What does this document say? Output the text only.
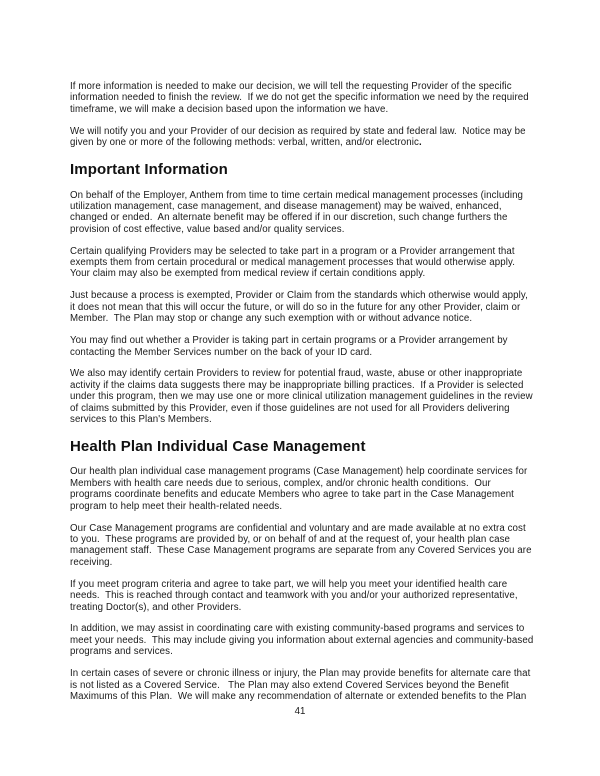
If more information is needed to make our decision, we will tell the requesting Provider of the specific information needed to finish the review.  If we do not get the specific information we need by the required timeframe, we will make a decision based upon the information we have.

We will notify you and your Provider of our decision as required by state and federal law.  Notice may be given by one or more of the following methods: verbal, written, and/or electronic.

Important Information

On behalf of the Employer, Anthem from time to time certain medical management processes (including utilization management, case management, and disease management) may be waived, enhanced, changed or ended.  An alternate benefit may be offered if in our discretion, such change furthers the provision of cost effective, value based and/or quality services.

Certain qualifying Providers may be selected to take part in a program or a Provider arrangement that exempts them from certain procedural or medical management processes that would otherwise apply.  Your claim may also be exempted from medical review if certain conditions apply.

Just because a process is exempted, Provider or Claim from the standards which otherwise would apply, it does not mean that this will occur the future, or will do so in the future for any other Provider, claim or Member.  The Plan may stop or change any such exemption with or without advance notice.

You may find out whether a Provider is taking part in certain programs or a Provider arrangement by contacting the Member Services number on the back of your ID card.

We also may identify certain Providers to review for potential fraud, waste, abuse or other inappropriate activity if the claims data suggests there may be inappropriate billing practices.  If a Provider is selected under this program, then we may use one or more clinical utilization management guidelines in the review of claims submitted by this Provider, even if those guidelines are not used for all Providers delivering services to this Plan's Members.

Health Plan Individual Case Management

Our health plan individual case management programs (Case Management) help coordinate services for Members with health care needs due to serious, complex, and/or chronic health conditions.  Our programs coordinate benefits and educate Members who agree to take part in the Case Management program to help meet their health-related needs.

Our Case Management programs are confidential and voluntary and are made available at no extra cost to you.  These programs are provided by, or on behalf of and at the request of, your health plan case management staff.  These Case Management programs are separate from any Covered Services you are receiving.

If you meet program criteria and agree to take part, we will help you meet your identified health care needs.  This is reached through contact and teamwork with you and/or your authorized representative, treating Doctor(s), and other Providers.

In addition, we may assist in coordinating care with existing community-based programs and services to meet your needs.  This may include giving you information about external agencies and community-based programs and services.

In certain cases of severe or chronic illness or injury, the Plan may provide benefits for alternate care that is not listed as a Covered Service.   The Plan may also extend Covered Services beyond the Benefit Maximums of this Plan.  We will make any recommendation of alternate or extended benefits to the Plan

41
